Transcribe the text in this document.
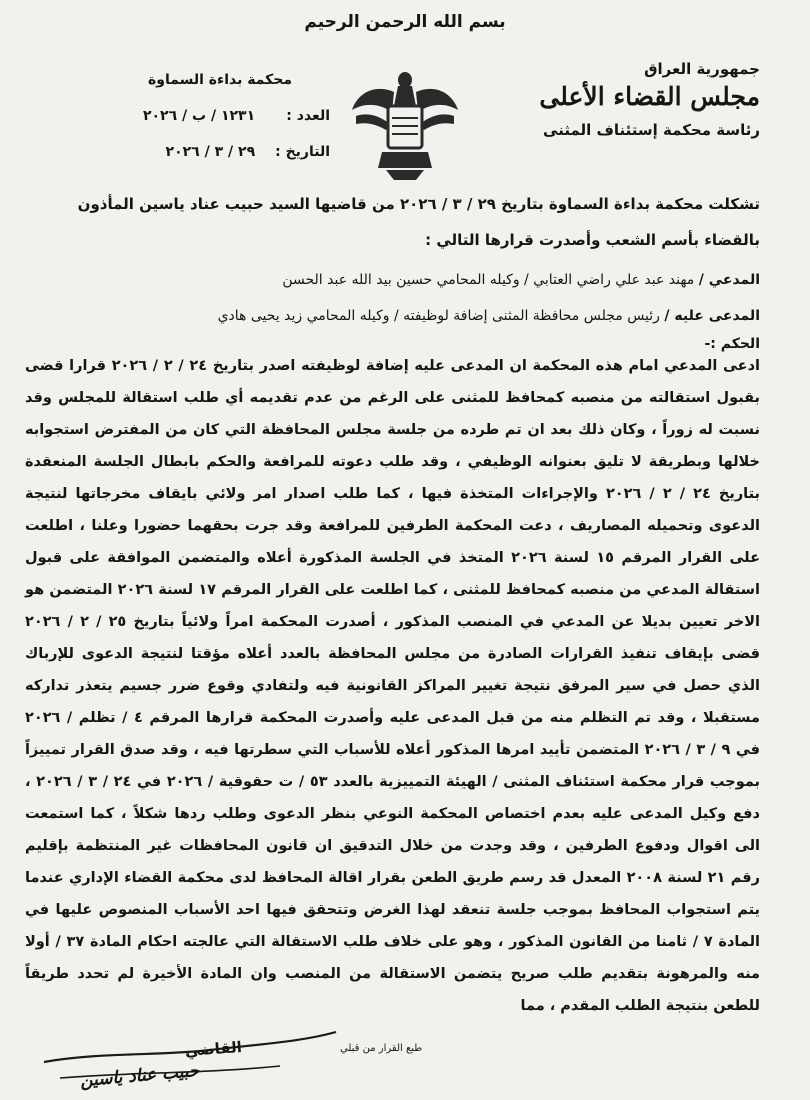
بسم الله الرحمن الرحيم
جمهورية العراق
مجلس القضاء الأعلى
رئاسة محكمة إستئناف المثنى
محكمة بداءة السماوة
العدد : ١٢٣١ / ب / ٢٠٢٦
التاريخ : ٢٩ / ٣ / ٢٠٢٦
تشكلت محكمة بداءة السماوة بتاريخ ٢٩ / ٣ / ٢٠٢٦ من قاضيها السيد حبيب عناد ياسين المأذون بالقضاء بأسم الشعب وأصدرت قرارها التالي :
المدعي / مهند عبد علي راضي العتابي / وكيله المحامي حسين بيد الله عبد الحسن
المدعى عليه / رئيس مجلس محافظة المثنى إضافة لوظيفته / وكيله المحامي زيد يحيى هادي
الحكم :-

ادعى المدعي امام هذه المحكمة ان المدعى عليه إضافة لوظيفته اصدر بتاريخ ٢٤ / ٢ / ٢٠٢٦ قرارا قضى بقبول استقالته من منصبه كمحافظ للمثنى على الرغم من عدم تقديمه أي طلب استقالة للمجلس وقد نسبت له زوراً ، وكان ذلك بعد ان تم طرده من جلسة مجلس المحافظة التي كان من المفترض استجوابه خلالها وبطريقة لا تليق بعنوانه الوظيفي ، وقد طلب دعوته للمرافعة والحكم بابطال الجلسة المنعقدة بتاريخ ٢٤ / ٢ / ٢٠٢٦ والإجراءات المتخذة فيها ، كما طلب اصدار امر ولائي بايقاف مخرجاتها لنتيجة الدعوى وتحميله المصاريف ، دعت المحكمة الطرفين للمرافعة وقد جرت بحقهما حضورا وعلنا ، اطلعت على القرار المرقم ١٥ لسنة ٢٠٢٦ المتخذ في الجلسة المذكورة أعلاه والمتضمن الموافقة على قبول استقالة المدعي من منصبه كمحافظ للمثنى ، كما اطلعت على القرار المرقم ١٧ لسنة ٢٠٢٦ المتضمن هو الاخر تعيين بديلا عن المدعي في المنصب المذكور ، أصدرت المحكمة امراً ولائياً بتاريخ ٢٥ / ٢ / ٢٠٢٦ قضى بإيقاف تنفيذ القرارات الصادرة من مجلس المحافظة بالعدد أعلاه مؤقتا لنتيجة الدعوى للإرباك الذي حصل في سير المرفق نتيجة تغيير المراكز القانونية فيه ولتفادي وقوع ضرر جسيم يتعذر تداركه مستقبلا ، وقد تم التظلم منه من قبل المدعى عليه وأصدرت المحكمة قرارها المرقم ٤ / تظلم / ٢٠٢٦ في ٩ / ٣ / ٢٠٢٦ المتضمن تأييد امرها المذكور أعلاه للأسباب التي سطرتها فيه ، وقد صدق القرار تمييزاً بموجب قرار محكمة استئناف المثنى / الهيئة التمييزية بالعدد ٥٣ / ت حقوقية / ٢٠٢٦ في ٢٤ / ٣ / ٢٠٢٦ ، دفع وكيل المدعى عليه بعدم اختصاص المحكمة النوعي بنظر الدعوى وطلب ردها شكلاً ، كما استمعت الى اقوال ودفوع الطرفين ، وقد وجدت من خلال التدقيق ان قانون المحافظات غير المنتظمة بإقليم رقم ٢١ لسنة ٢٠٠٨ المعدل قد رسم طريق الطعن بقرار اقالة المحافظ لدى محكمة القضاء الإداري عندما يتم استجواب المحافظ بموجب جلسة تنعقد لهذا الغرض وتتحقق فيها احد الأسباب المنصوص عليها في المادة ٧ / ثامنا من القانون المذكور ، وهو على خلاف طلب الاستقالة التي عالجته احكام المادة ٣٧ / أولا منه والمرهونة بتقديم طلب صريح يتضمن الاستقالة من المنصب وان المادة الأخيرة لم تحدد طريقاً للطعن بنتيجة الطلب المقدم ، مما

طبع القرار من قبلي
القاضي
حبيب عناد ياسين
